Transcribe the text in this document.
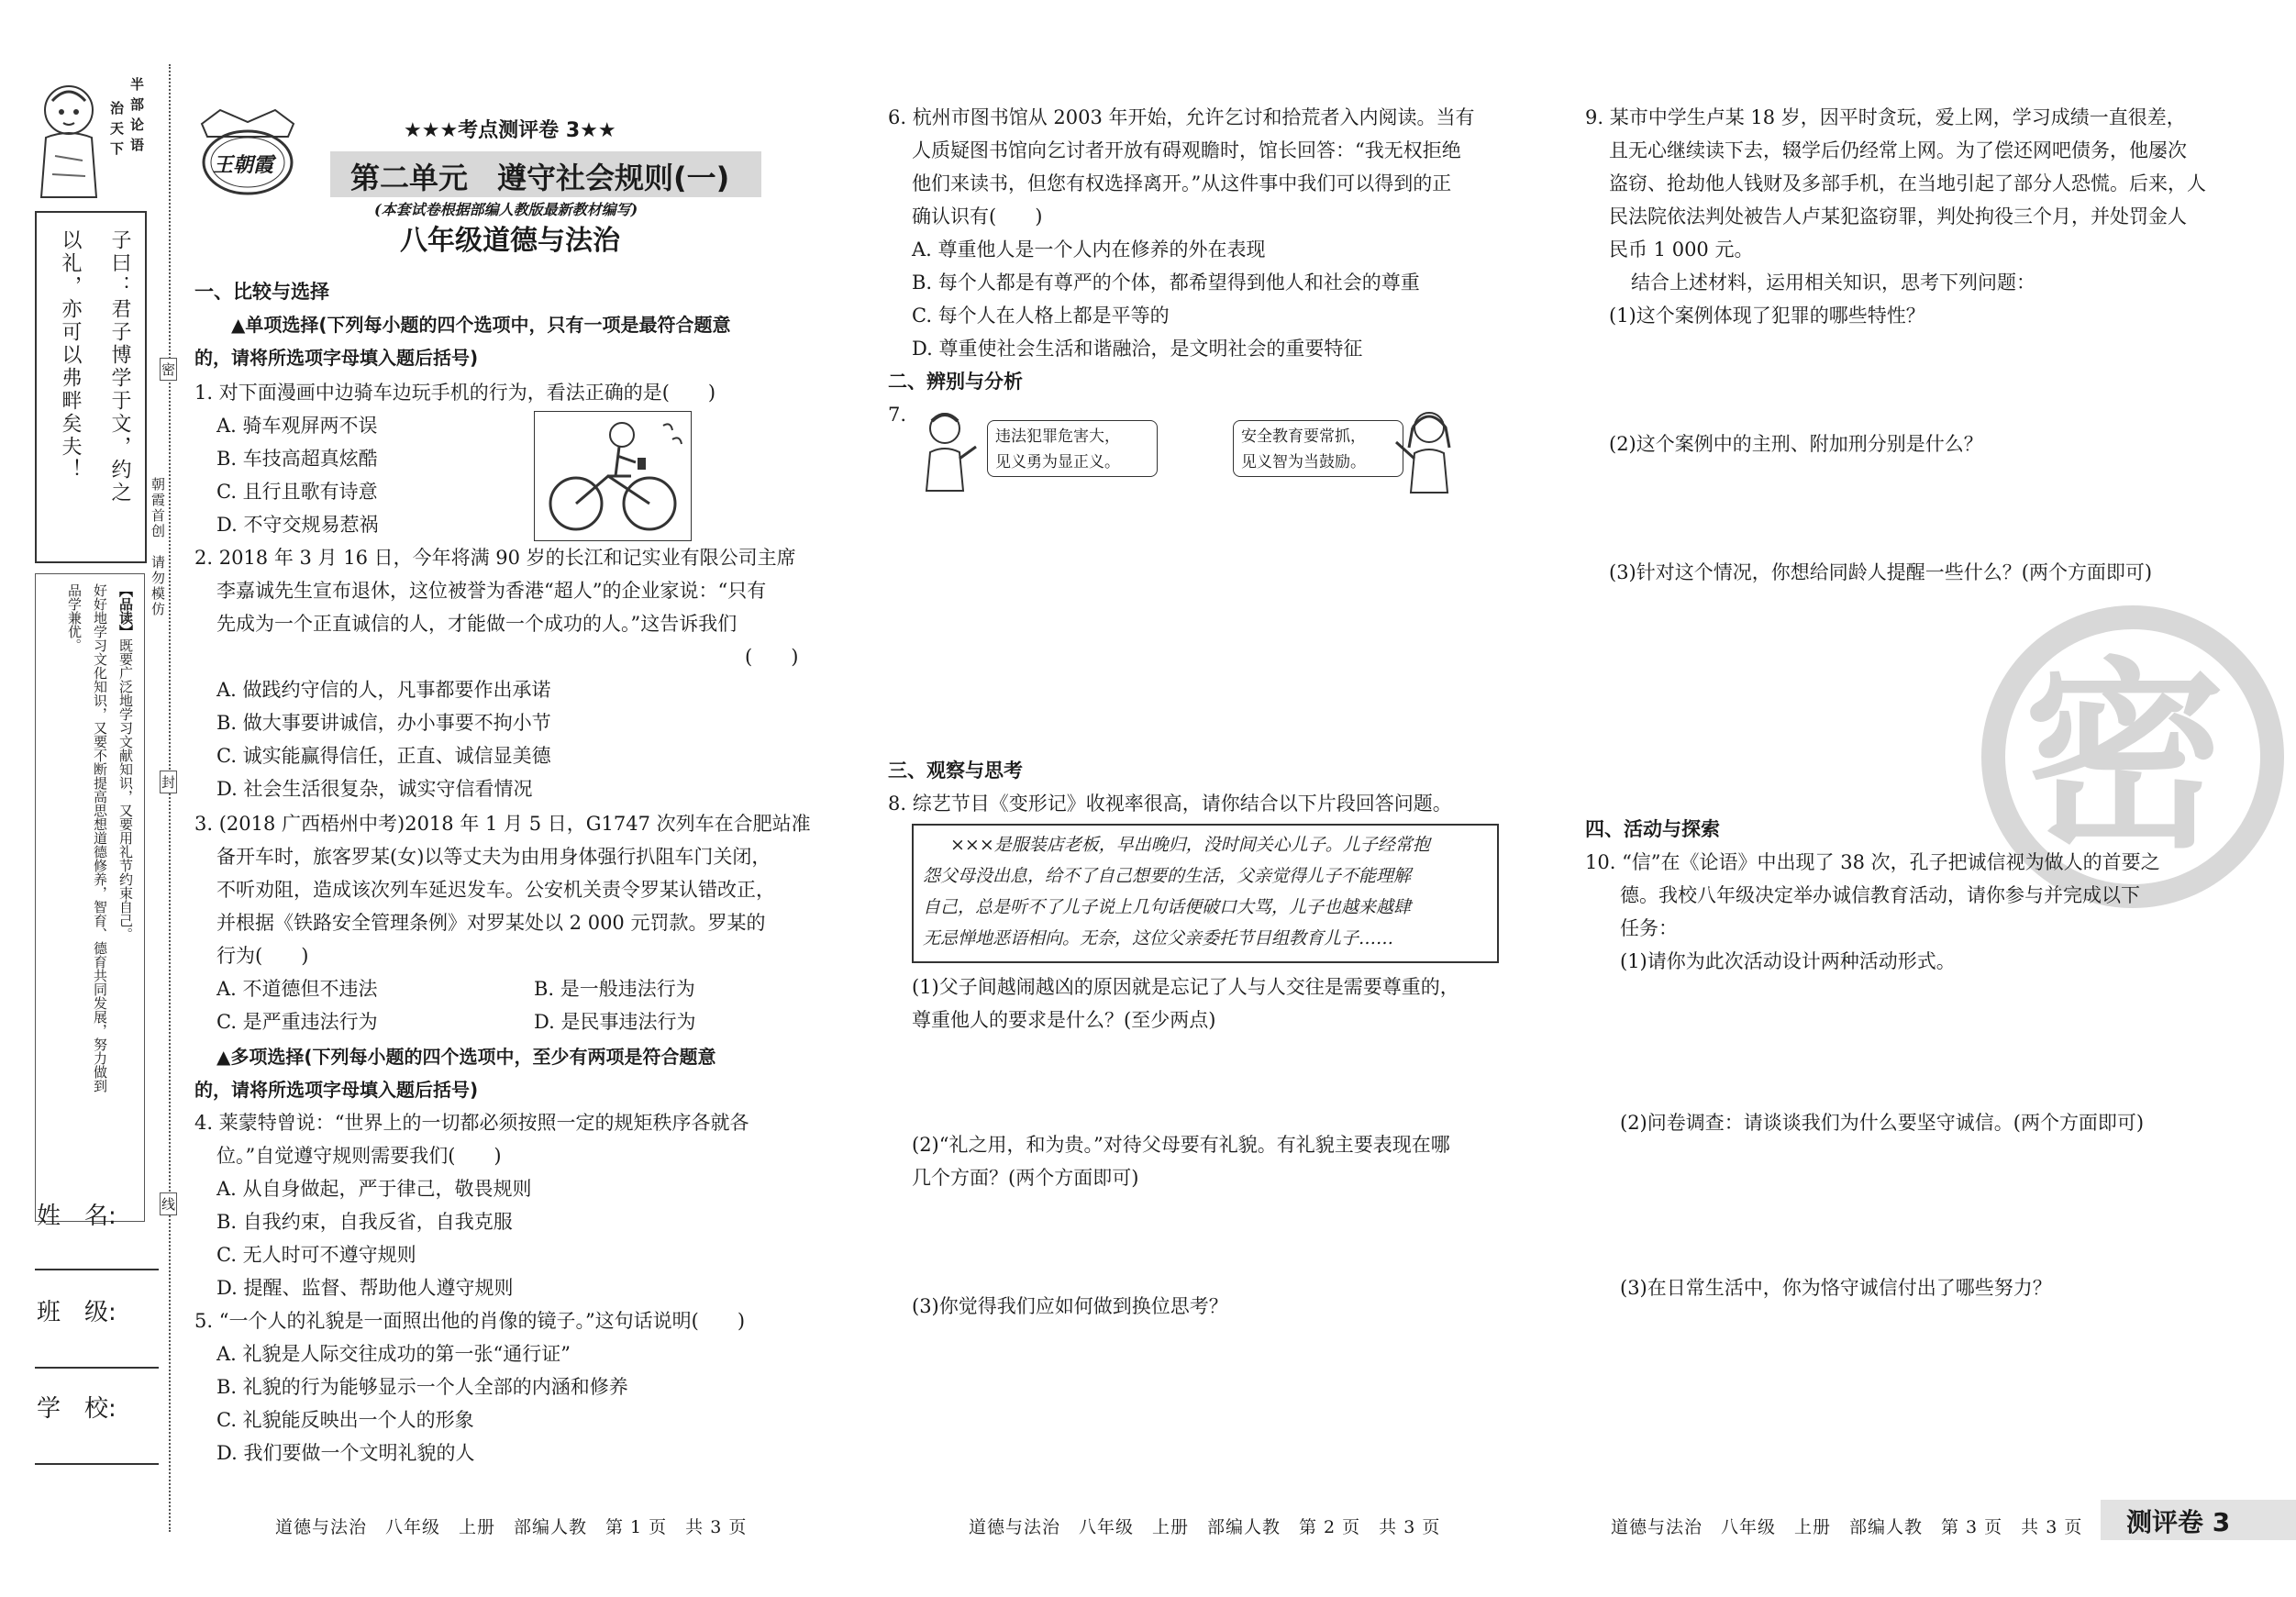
半
部
论
语
治
天
下
子曰：君子博学于文，约之
以礼，亦可以弗畔矣夫！
【品读】既要广泛地学习文献知识，又要用礼节约束自己。
好好地学习文化知识，又要不断提高思想道德修养，智育、德育共同发展，努力做到
品学兼优。
姓　名:
班　级:
学　校:
密
封
线
朝霞首创　请勿模仿
王朝霞
★★★考点测评卷 3★★
第二单元　遵守社会规则(一)
(本套试卷根据部编人教版最新教材编写)
八年级道德与法治
一、比较与选择
▲单项选择(下列每小题的四个选项中，只有一项是最符合题意
的，请将所选项字母填入题后括号)
1. 对下面漫画中边骑车边玩手机的行为，看法正确的是(　　)
A. 骑车观屏两不误
B. 车技高超真炫酷
C. 且行且歌有诗意
D. 不守交规易惹祸
2. 2018 年 3 月 16 日，今年将满 90 岁的长江和记实业有限公司主席
李嘉诚先生宣布退休，这位被誉为香港“超人”的企业家说：“只有
先成为一个正直诚信的人，才能做一个成功的人。”这告诉我们
(　　)
A. 做践约守信的人，凡事都要作出承诺
B. 做大事要讲诚信，办小事要不拘小节
C. 诚实能赢得信任，正直、诚信显美德
D. 社会生活很复杂，诚实守信看情况
3. (2018 广西梧州中考)2018 年 1 月 5 日，G1747 次列车在合肥站准
备开车时，旅客罗某(女)以等丈夫为由用身体强行扒阻车门关闭，
不听劝阻，造成该次列车延迟发车。公安机关责令罗某认错改正，
并根据《铁路安全管理条例》对罗某处以 2 000 元罚款。罗某的
行为(　　)
A. 不道德但不违法	B. 是一般违法行为
C. 是严重违法行为	D. 是民事违法行为
▲多项选择(下列每小题的四个选项中，至少有两项是符合题意
的，请将所选项字母填入题后括号)
4. 莱蒙特曾说：“世界上的一切都必须按照一定的规矩秩序各就各
位。”自觉遵守规则需要我们(　　)
A. 从自身做起，严于律己，敬畏规则
B. 自我约束，自我反省，自我克服
C. 无人时可不遵守规则
D. 提醒、监督、帮助他人遵守规则
5. “一个人的礼貌是一面照出他的肖像的镜子。”这句话说明(　　)
A. 礼貌是人际交往成功的第一张“通行证”
B. 礼貌的行为能够显示一个人全部的内涵和修养
C. 礼貌能反映出一个人的形象
D. 我们要做一个文明礼貌的人
6. 杭州市图书馆从 2003 年开始，允许乞讨和拾荒者入内阅读。当有
人质疑图书馆向乞讨者开放有碍观瞻时，馆长回答：“我无权拒绝
他们来读书，但您有权选择离开。”从这件事中我们可以得到的正
确认识有(　　)
A. 尊重他人是一个人内在修养的外在表现
B. 每个人都是有尊严的个体，都希望得到他人和社会的尊重
C. 每个人在人格上都是平等的
D. 尊重使社会生活和谐融洽，是文明社会的重要特征
二、辨别与分析
7.
违法犯罪危害大，
见义勇为显正义。
安全教育要常抓，
见义智为当鼓励。
三、观察与思考
8. 综艺节目《变形记》收视率很高，请你结合以下片段回答问题。
×××是服装店老板，早出晚归，没时间关心儿子。儿子经常抱
怨父母没出息，给不了自己想要的生活，父亲觉得儿子不能理解
自己，总是听不了儿子说上几句话便破口大骂，儿子也越来越肆
无忌惮地恶语相向。无奈，这位父亲委托节目组教育儿子……
(1)父子间越闹越凶的原因就是忘记了人与人交往是需要尊重的，
尊重他人的要求是什么？(至少两点)
(2)“礼之用，和为贵。”对待父母要有礼貌。有礼貌主要表现在哪
几个方面？(两个方面即可)
(3)你觉得我们应如何做到换位思考？
密
9. 某市中学生卢某 18 岁，因平时贪玩，爱上网，学习成绩一直很差，
且无心继续读下去，辍学后仍经常上网。为了偿还网吧债务，他屡次
盗窃、抢劫他人钱财及多部手机，在当地引起了部分人恐慌。后来，人
民法院依法判处被告人卢某犯盗窃罪，判处拘役三个月，并处罚金人
民币 1 000 元。
结合上述材料，运用相关知识，思考下列问题：
(1)这个案例体现了犯罪的哪些特性？
(2)这个案例中的主刑、附加刑分别是什么？
(3)针对这个情况，你想给同龄人提醒一些什么？(两个方面即可)
四、活动与探索
10. “信”在《论语》中出现了 38 次，孔子把诚信视为做人的首要之
德。我校八年级决定举办诚信教育活动，请你参与并完成以下
任务：
(1)请你为此次活动设计两种活动形式。
(2)问卷调查：请谈谈我们为什么要坚守诚信。(两个方面即可)
(3)在日常生活中，你为恪守诚信付出了哪些努力？
道德与法治　八年级　上册　部编人教　第 1 页　共 3 页	道德与法治　八年级　上册　部编人教　第 2 页　共 3 页	道德与法治　八年级　上册　部编人教　第 3 页　共 3 页 测评卷 3
